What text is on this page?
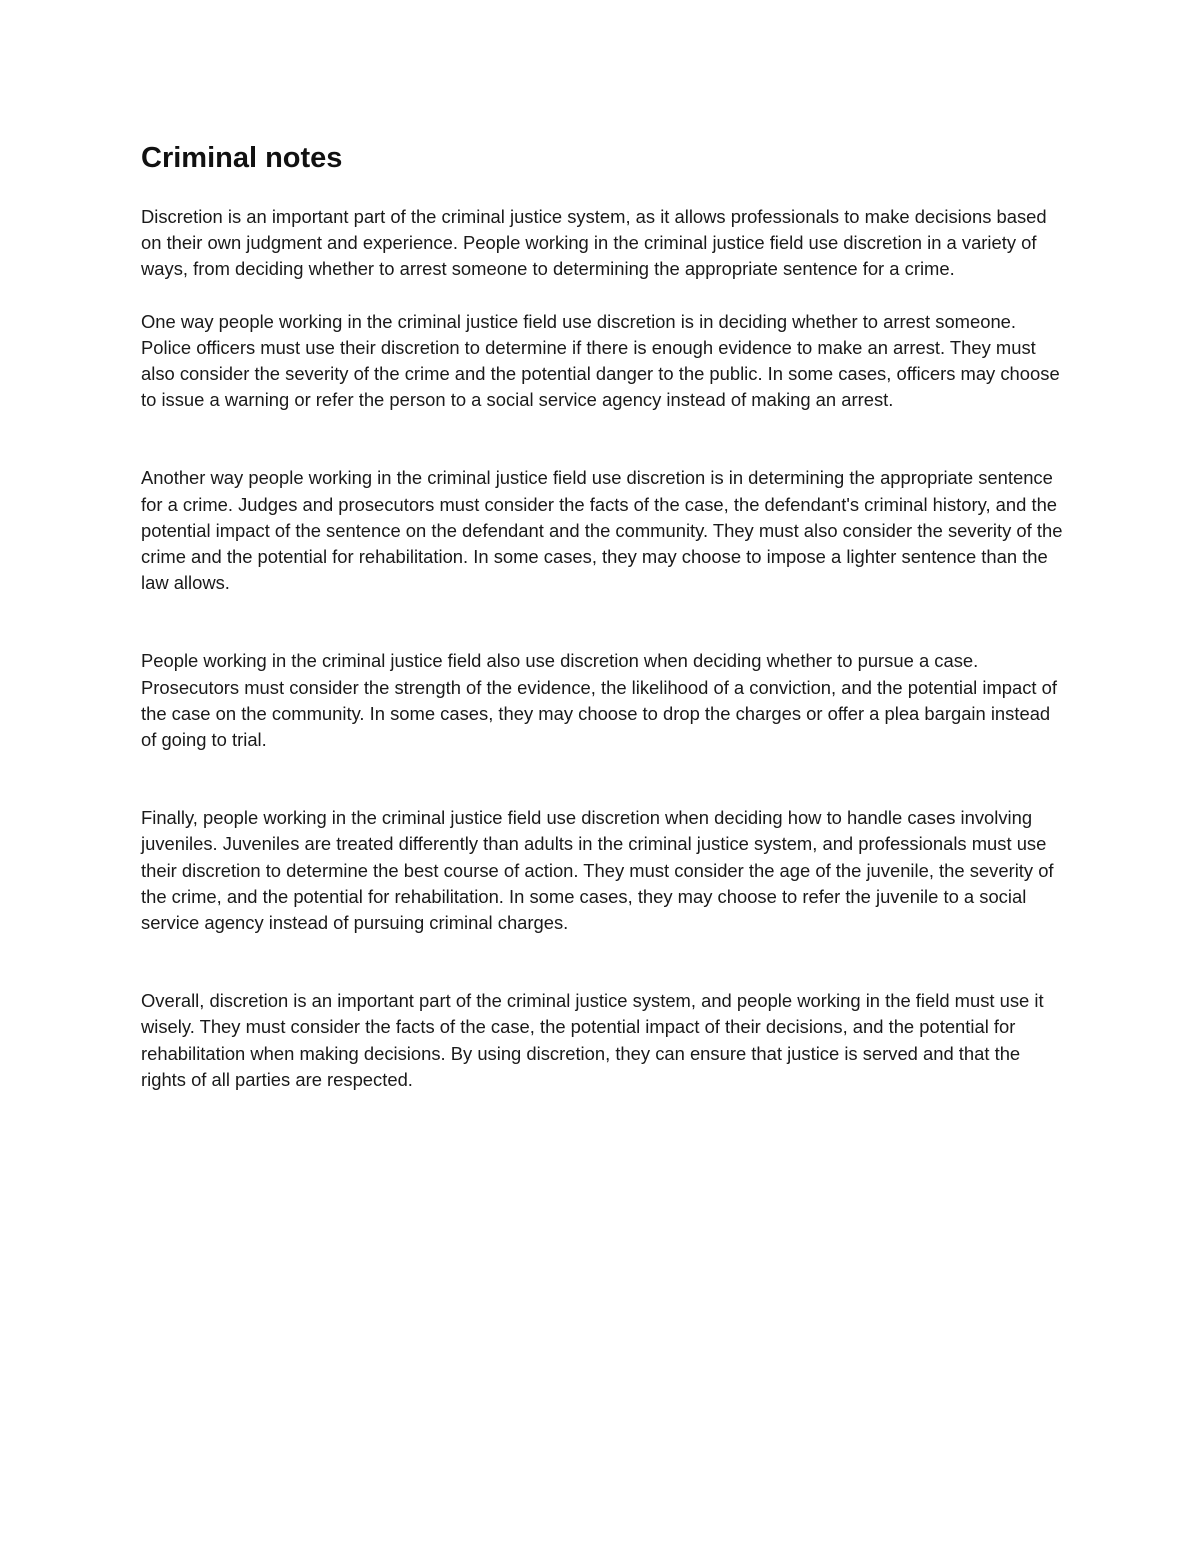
Criminal notes

Discretion is an important part of the criminal justice system, as it allows professionals to make decisions based on their own judgment and experience. People working in the criminal justice field use discretion in a variety of ways, from deciding whether to arrest someone to determining the appropriate sentence for a crime.

One way people working in the criminal justice field use discretion is in deciding whether to arrest someone. Police officers must use their discretion to determine if there is enough evidence to make an arrest. They must also consider the severity of the crime and the potential danger to the public. In some cases, officers may choose to issue a warning or refer the person to a social service agency instead of making an arrest.

Another way people working in the criminal justice field use discretion is in determining the appropriate sentence for a crime. Judges and prosecutors must consider the facts of the case, the defendant's criminal history, and the potential impact of the sentence on the defendant and the community. They must also consider the severity of the crime and the potential for rehabilitation. In some cases, they may choose to impose a lighter sentence than the law allows.

People working in the criminal justice field also use discretion when deciding whether to pursue a case. Prosecutors must consider the strength of the evidence, the likelihood of a conviction, and the potential impact of the case on the community. In some cases, they may choose to drop the charges or offer a plea bargain instead of going to trial.

Finally, people working in the criminal justice field use discretion when deciding how to handle cases involving juveniles. Juveniles are treated differently than adults in the criminal justice system, and professionals must use their discretion to determine the best course of action. They must consider the age of the juvenile, the severity of the crime, and the potential for rehabilitation. In some cases, they may choose to refer the juvenile to a social service agency instead of pursuing criminal charges.

Overall, discretion is an important part of the criminal justice system, and people working in the field must use it wisely. They must consider the facts of the case, the potential impact of their decisions, and the potential for rehabilitation when making decisions. By using discretion, they can ensure that justice is served and that the rights of all parties are respected.
